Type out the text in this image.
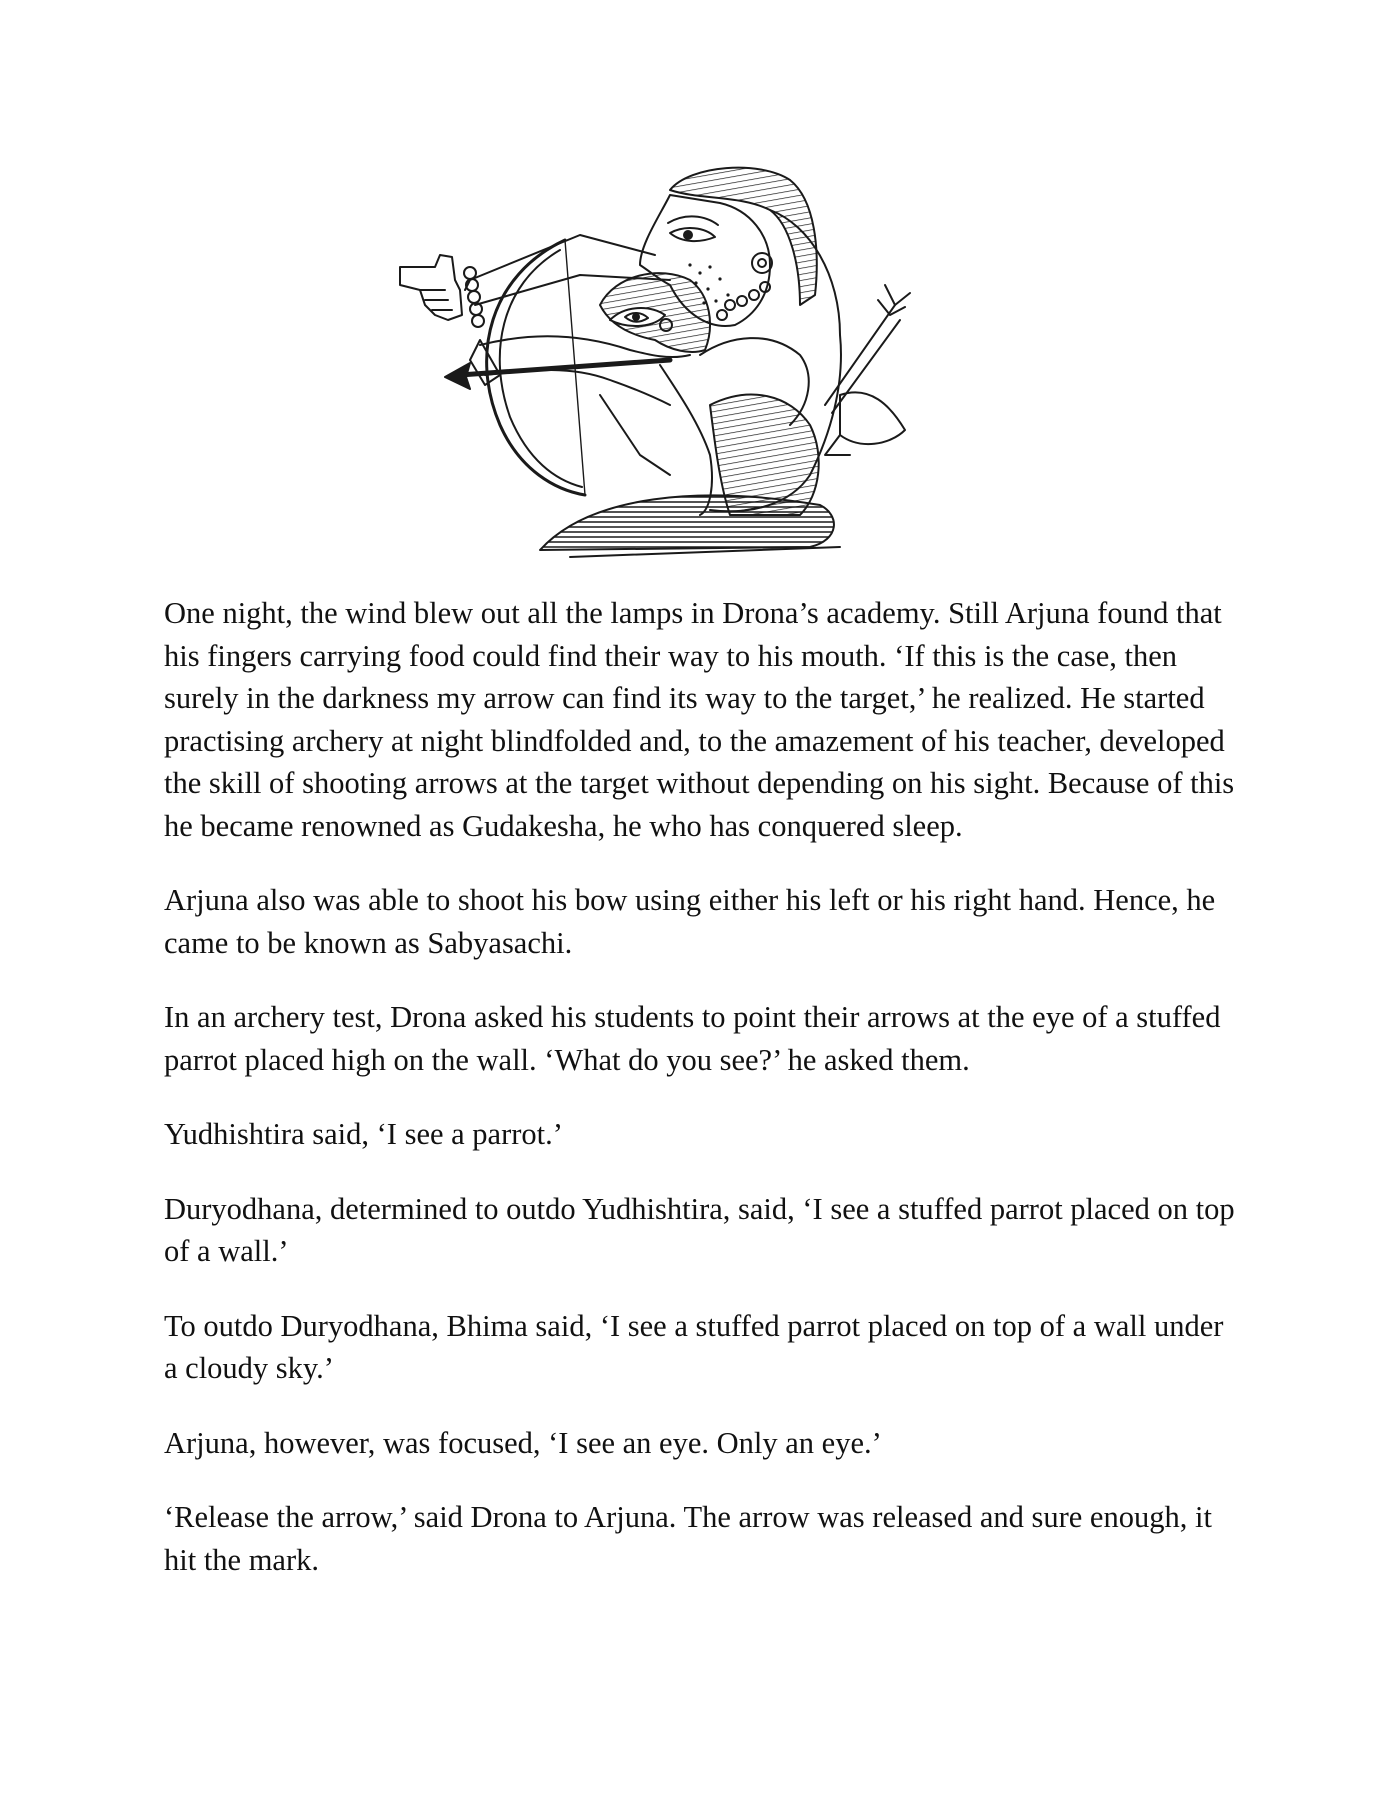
One night, the wind blew out all the lamps in Drona’s academy. Still Arjuna found that his fingers carrying food could find their way to his mouth. ‘If this is the case, then surely in the darkness my arrow can find its way to the target,’ he realized. He started practising archery at night blindfolded and, to the amazement of his teacher, developed the skill of shooting arrows at the target without depending on his sight. Because of this he became renowned as Gudakesha, he who has conquered sleep.

Arjuna also was able to shoot his bow using either his left or his right hand. Hence, he came to be known as Sabyasachi.

In an archery test, Drona asked his students to point their arrows at the eye of a stuffed parrot placed high on the wall. ‘What do you see?’ he asked them.

Yudhishtira said, ‘I see a parrot.’

Duryodhana, determined to outdo Yudhishtira, said, ‘I see a stuffed parrot placed on top of a wall.’

To outdo Duryodhana, Bhima said, ‘I see a stuffed parrot placed on top of a wall under a cloudy sky.’

Arjuna, however, was focused, ‘I see an eye. Only an eye.’

‘Release the arrow,’ said Drona to Arjuna. The arrow was released and sure enough, it hit the mark.
